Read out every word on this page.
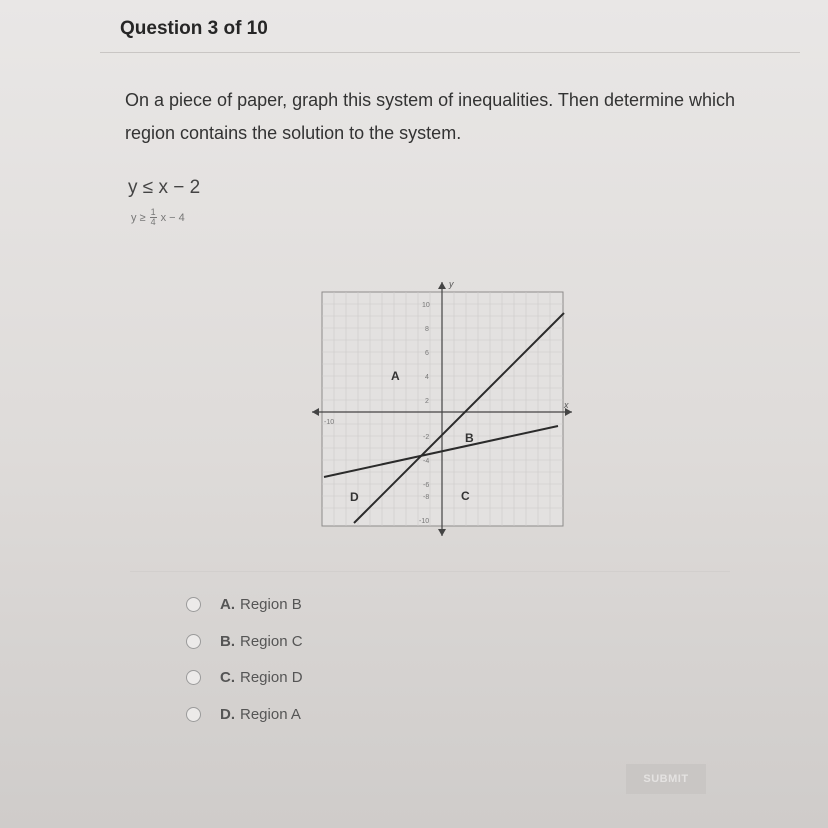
Question 3 of 10
On a piece of paper, graph this system of inequalities. Then determine which region contains the solution to the system.
y ≤ x − 2
$y \ge \frac{1}{4}$ x − 4
y
x
10
8
6
4
2
-2
-4
-6
-8
-10
-10
A
B
C
D
A. Region B
B. Region C
C. Region D
D. Region A
SUBMIT
